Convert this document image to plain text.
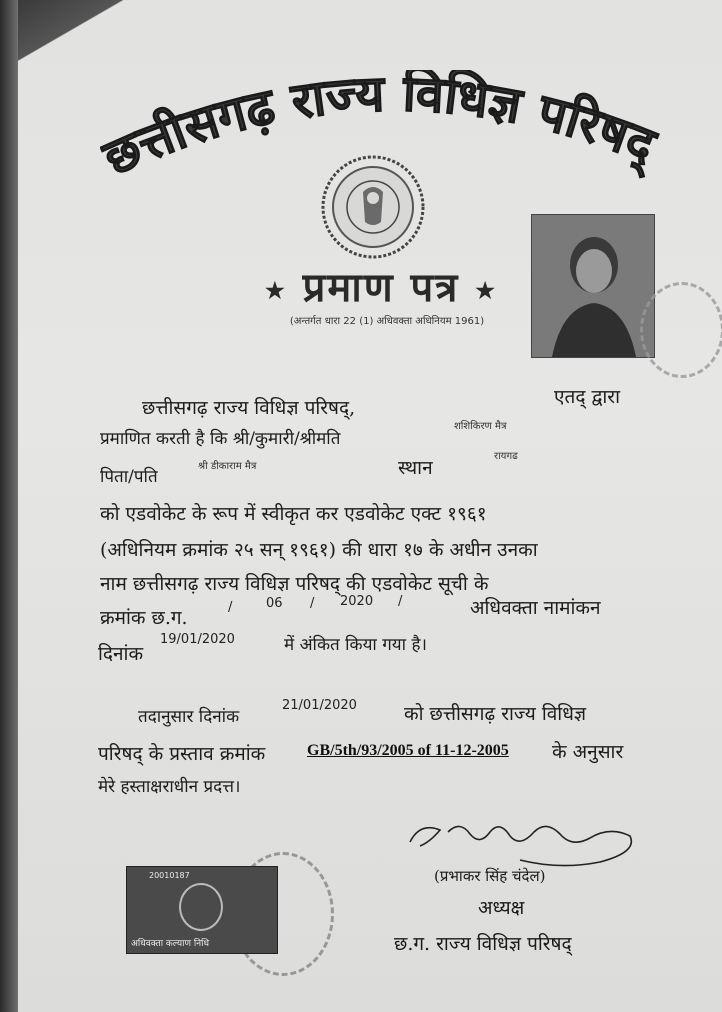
छत्तीसगढ़ राज्य विधिज्ञ परिषद्
★ प्रमाण पत्र ★
(अन्तर्गत धारा 22 (1) अधिवक्ता अधिनियम 1961)
छत्तीसगढ़ राज्य विधिज्ञ परिषद्,	एतद् द्वारा
प्रमाणित करती है कि श्री/कुमारी/श्रीमति
शशिकिरण मैत्र
पिता/पति
श्री डीकाराम मैत्र	स्थान
रायगढ
को एडवोकेट के रूप में स्वीकृत कर एडवोकेट एक्ट १९६१
(अधिनियम क्रमांक २५ सन् १९६१) की धारा १७ के अधीन उनका
नाम छत्तीसगढ़ राज्य विधिज्ञ परिषद् की एडवोकेट सूची के
क्रमांक छ.ग.	/	06 / 2020 /	अधिवक्ता नामांकन
दिनांक
19/01/2020	में अंकित किया गया है।
तदानुसार दिनांक
21/01/2020 को छत्तीसगढ़ राज्य विधिज्ञ
परिषद् के प्रस्ताव क्रमांक	GB/5th/93/2005 of 11-12-2005 के अनुसार
मेरे हस्ताक्षराधीन प्रदत्त।
(प्रभाकर सिंह चंदेल)
अध्यक्ष
छ.ग. राज्य विधिज्ञ परिषद्
20010187
अधिवक्ता कल्याण निधि
